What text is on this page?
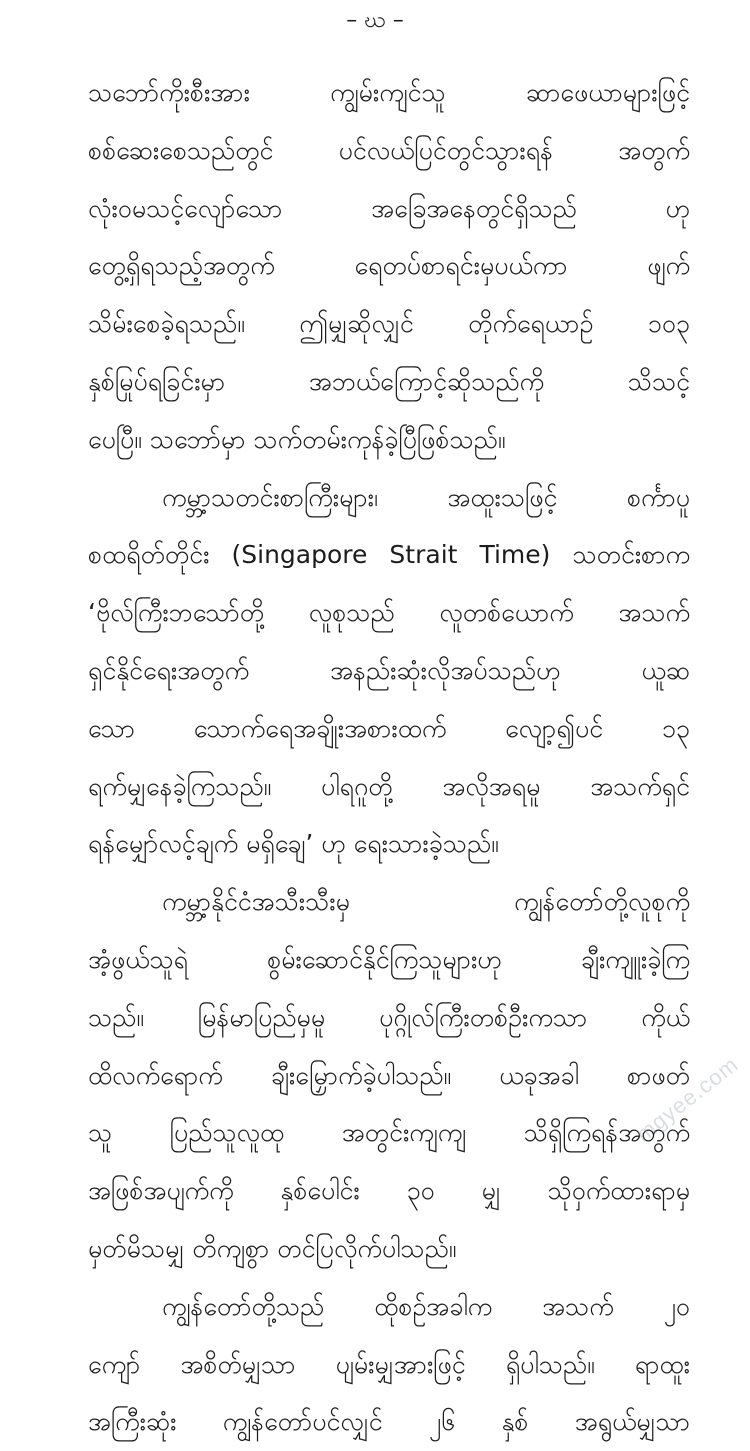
– ဃ –
သဘော်ကိုးစီးအား ကျွမ်းကျင်သူ ဆာဖေယာများဖြင့်
စစ်ဆေးစေသည်တွင် ပင်လယ်ပြင်တွင်သွားရန် အတွက်
လုံးဝမသင့်လျော်သော အခြေအနေတွင်ရှိသည် ဟု
တွေ့ရှိရသည့်အတွက် ရေတပ်စာရင်းမှပယ်ကာ ဖျက်
သိမ်းစေခဲ့ရသည်။ ဤမျှဆိုလျှင် တိုက်ရေယာဉ် ၁၀၃
နှစ်မြုပ်ရခြင်းမှာ အဘယ်ကြောင့်ဆိုသည်ကို သိသင့်
ပေပြီ။ သဘော်မှာ သက်တမ်းကုန်ခဲ့ပြီဖြစ်သည်။
ကမ္ဘာ့သတင်းစာကြီးများ၊ အထူးသဖြင့် စင်္ကာပူ
စထရိတ်တိုင်း (Singapore Strait Time) သတင်းစာက
‘ဗိုလ်ကြီးဘသော်တို့ လူစုသည် လူတစ်ယောက် အသက်
ရှင်နိုင်ရေးအတွက် အနည်းဆုံးလိုအပ်သည်ဟု ယူဆ
သော သောက်ရေအချိုးအစားထက် လျော့၍ပင် ၁၃
ရက်မျှနေခဲ့ကြသည်။ ပါရဂူတို့ အလိုအရမူ အသက်ရှင်
ရန်မျှော်လင့်ချက် မရှိချေ’ ဟု ရေးသားခဲ့သည်။
ကမ္ဘာ့နိုင်ငံအသီးသီးမှ ကျွန်တော်တို့လူစုကို
အံ့ဖွယ်သူရဲ စွမ်းဆောင်နိုင်ကြသူများဟု ချီးကျူးခဲ့ကြ
သည်။ မြန်မာပြည်မှမူ ပုဂ္ဂိုလ်ကြီးတစ်ဦးကသာ ကိုယ်
ထိလက်ရောက် ချီးမြှောက်ခဲ့ပါသည်။ ယခုအခါ စာဖတ်
သူ ပြည်သူလူထု အတွင်းကျကျ သိရှိကြရန်အတွက်
အဖြစ်အပျက်ကို နှစ်ပေါင်း ၃၀ မျှ သိုဝှက်ထားရာမှ
မှတ်မိသမျှ တိကျစွာ တင်ပြလိုက်ပါသည်။
ကျွန်တော်တို့သည် ထိုစဉ်အခါက အသက် ၂၀
ကျော် အစိတ်မျှသာ ပျမ်းမျှအားဖြင့် ရှိပါသည်။ ရာထူး
အကြီးဆုံး ကျွန်တော်ပင်လျှင် ၂၆ နှစ် အရွယ်မျှသာ
mgyee.com
